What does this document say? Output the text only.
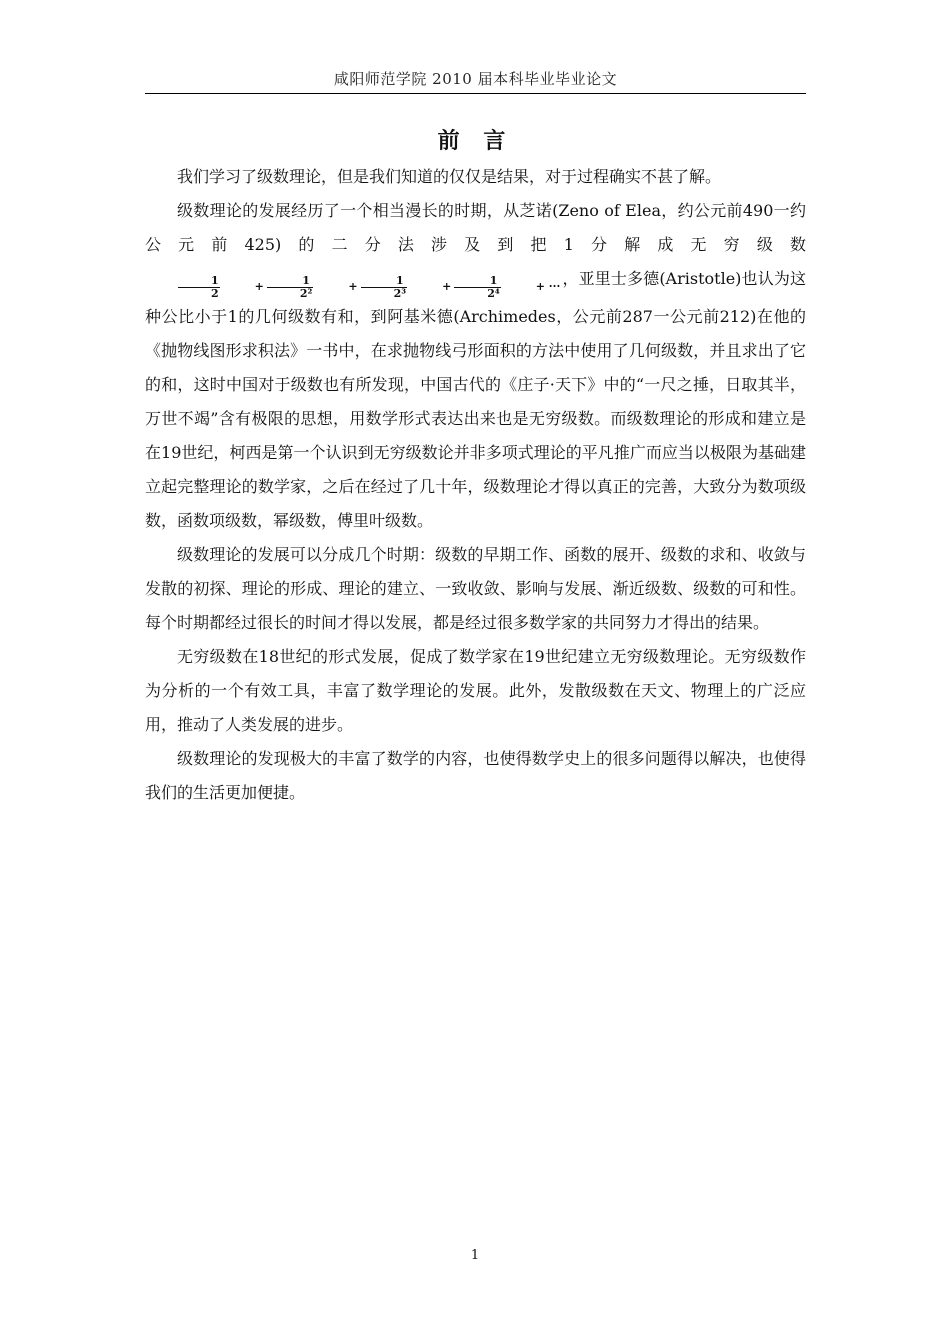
咸阳师范学院 2010 届本科毕业毕业论文
前 言

我们学习了级数理论，但是我们知道的仅仅是结果，对于过程确实不甚了解。

级数理论的发展经历了一个相当漫长的时期，从芝诺(Zeno of Elea，约公元前490一约公元前425)的二分法涉及到把1分解成无穷级数
$\frac{1}{2}$	+ $\frac{1}{\text{2²}}$	+ $\frac{1}{\text{2³}}$	+ $\frac{1}{\text{2⁴}}$	+ ··· ，亚里士多德(Aristotle)也认为这种公比小于1的几何级数有和，到阿基米德(Archimedes，公元前287一公元前212)在他的《抛物线图形求积法》一书中，在求抛物线弓形面积的方法中使用了几何级数，并且求出了它的和，这时中国对于级数也有所发现，中国古代的《庄子·天下》中的“一尺之捶，日取其半，万世不竭”含有极限的思想，用数学形式表达出来也是无穷级数。而级数理论的形成和建立是在19世纪，柯西是第一个认识到无穷级数论并非多项式理论的平凡推广而应当以极限为基础建立起完整理论的数学家，之后在经过了几十年，级数理论才得以真正的完善，大致分为数项级数，函数项级数，幂级数，傅里叶级数。

级数理论的发展可以分成几个时期：级数的早期工作、函数的展开、级数的求和、收敛与发散的初探、理论的形成、理论的建立、一致收敛、影响与发展、渐近级数、级数的可和性。每个时期都经过很长的时间才得以发展，都是经过很多数学家的共同努力才得出的结果。

无穷级数在18世纪的形式发展，促成了数学家在19世纪建立无穷级数理论。无穷级数作为分析的一个有效工具，丰富了数学理论的发展。此外，发散级数在天文、物理上的广泛应用，推动了人类发展的进步。

级数理论的发现极大的丰富了数学的内容，也使得数学史上的很多问题得以解决，也使得我们的生活更加便捷。

1
